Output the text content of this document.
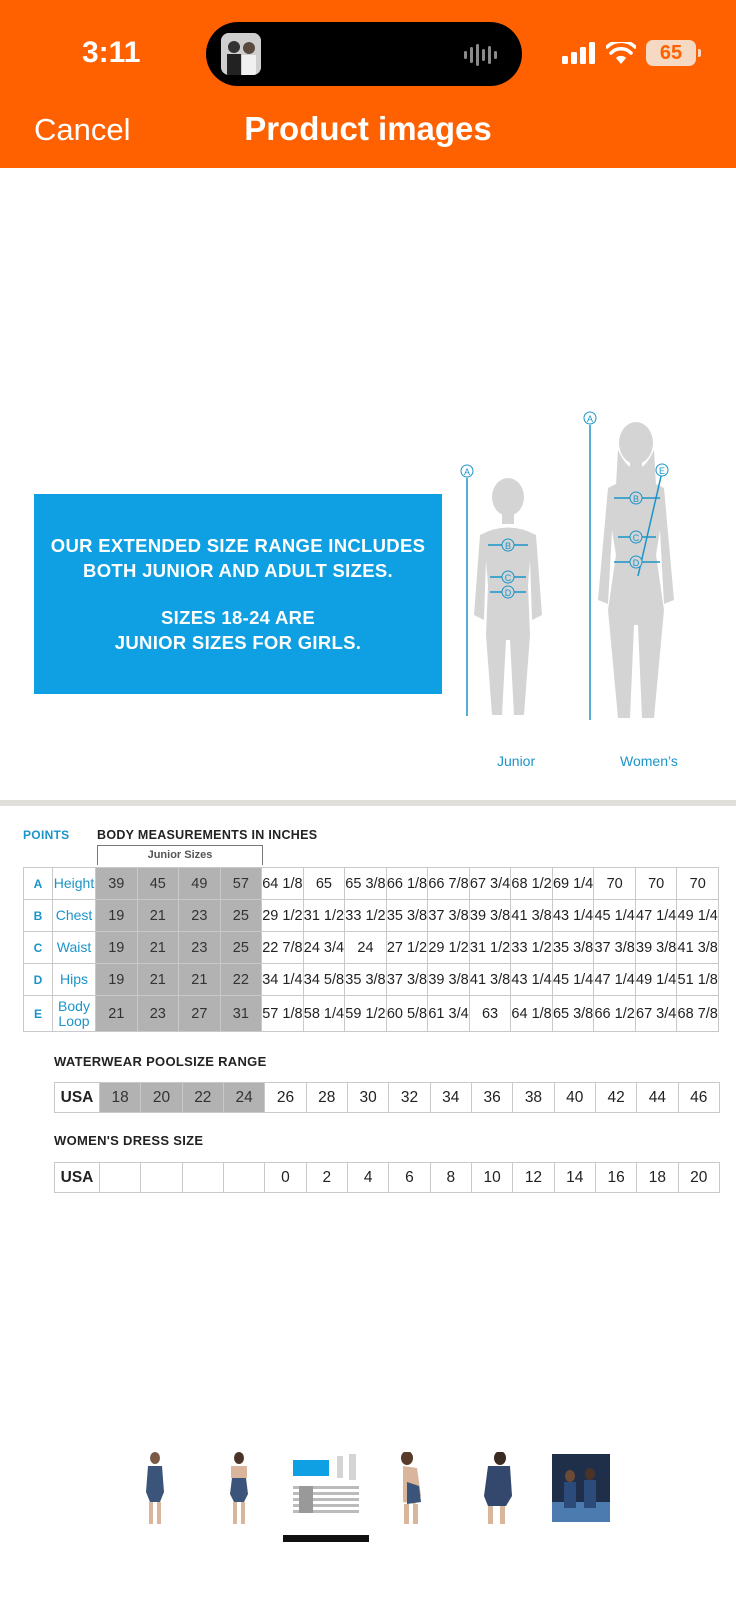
3:11	65
Product images
Cancel

OUR EXTENDED SIZE RANGE INCLUDES
BOTH JUNIOR AND ADULT SIZES.

SIZES 18-24 ARE
JUNIOR SIZES FOR GIRLS.

A
B
C
D
A
E
B
C
D
Junior	Women’s
POINTS BODY MEASUREMENTS IN INCHES
Junior Sizes
A	Height	39	45	49	57	64 1/8	65	65 3/8	66 1/8	66 7/8	67 3/4	68 1/2	69 1/4	70	70	70
B	Chest	19	21	23	25	29 1/2	31 1/2	33 1/2	35 3/8	37 3/8	39 3/8	41 3/8	43 1/4	45 1/4	47 1/4	49 1/4
C	Waist	19	21	23	25	22 7/8	24 3/4	24	27 1/2	29 1/2	31 1/2	33 1/2	35 3/8	37 3/8	39 3/8	41 3/8
D	Hips	19	21	21	22	34 1/4	34 5/8	35 3/8	37 3/8	39 3/8	41 3/8	43 1/4	45 1/4	47 1/4	49 1/4	51 1/8
E	Body Loop	21	23	27	31	57 1/8	58 1/4	59 1/2	60 5/8	61 3/4	63	64 1/8	65 3/8	66 1/2	67 3/4	68 7/8
WATERWEAR POOLSIZE RANGE
USA	18	20	22	24	26	28	30	32	34	36	38	40	42	44	46
WOMEN'S DRESS SIZE
USA					0	2	4	6	8	10	12	14	16	18	20
